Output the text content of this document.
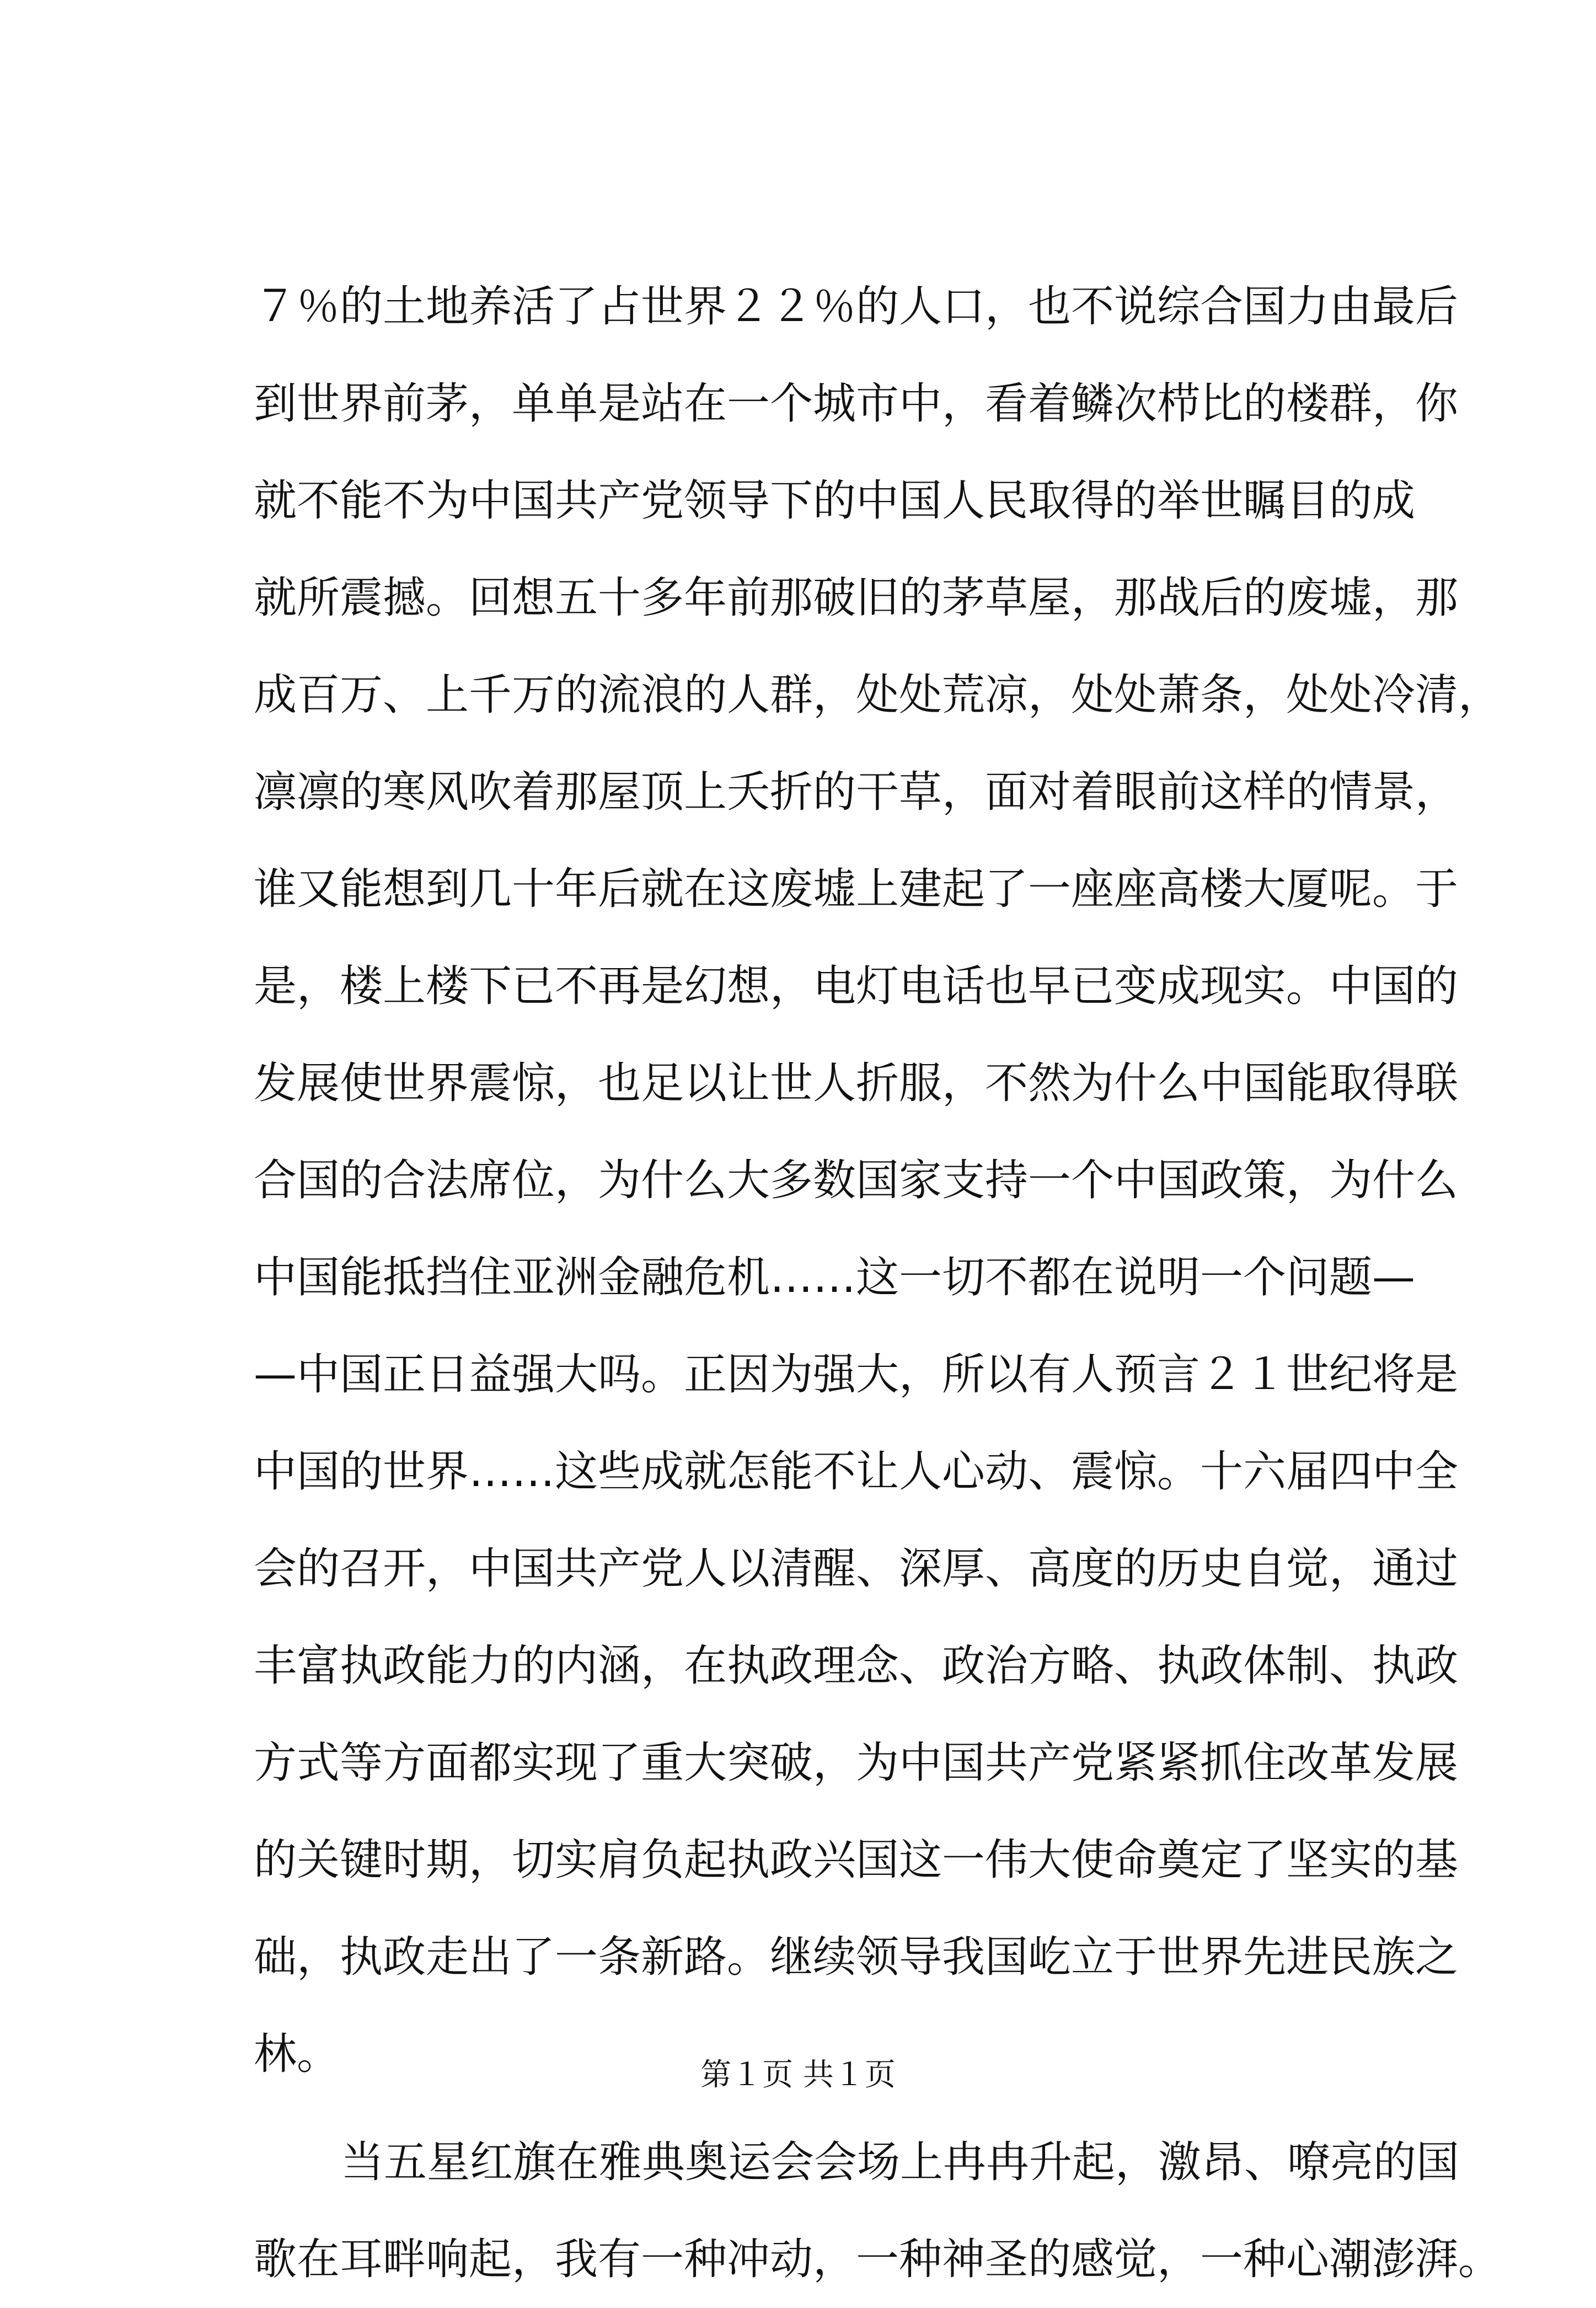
７％的土地养活了占世界２２％的人口，也不说综合国力由最后
到世界前茅，单单是站在一个城市中，看着鳞次栉比的楼群，你
就不能不为中国共产党领导下的中国人民取得的举世瞩目的成
就所震撼。回想五十多年前那破旧的茅草屋，那战后的废墟，那
成百万、上千万的流浪的人群，处处荒凉，处处萧条，处处冷清，
凛凛的寒风吹着那屋顶上夭折的干草，面对着眼前这样的情景，
谁又能想到几十年后就在这废墟上建起了一座座高楼大厦呢。于
是，楼上楼下已不再是幻想，电灯电话也早已变成现实。中国的
发展使世界震惊，也足以让世人折服，不然为什么中国能取得联
合国的合法席位，为什么大多数国家支持一个中国政策，为什么
中国能抵挡住亚洲金融危机……这一切不都在说明一个问题—
—中国正日益强大吗。正因为强大，所以有人预言２１世纪将是
中国的世界……这些成就怎能不让人心动、震惊。十六届四中全
会的召开，中国共产党人以清醒、深厚、高度的历史自觉，通过
丰富执政能力的内涵，在执政理念、政治方略、执政体制、执政
方式等方面都实现了重大突破，为中国共产党紧紧抓住改革发展
的关键时期，切实肩负起执政兴国这一伟大使命奠定了坚实的基
础，执政走出了一条新路。继续领导我国屹立于世界先进民族之
林。
当五星红旗在雅典奥运会会场上冉冉升起，激昂、嘹亮的国
歌在耳畔响起，我有一种冲动，一种神圣的感觉，一种心潮澎湃。
第１页 共１页
